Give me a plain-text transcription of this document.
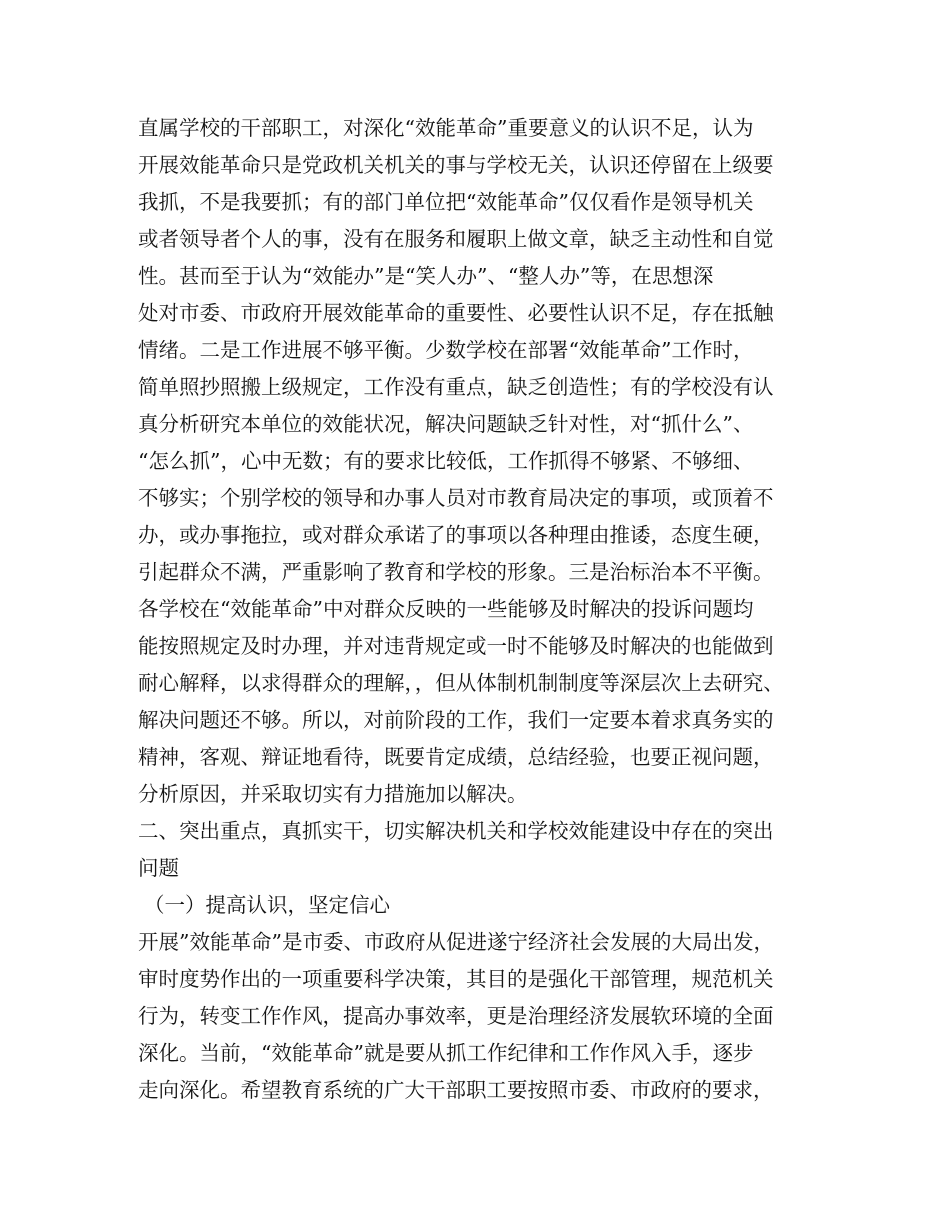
直属学校的干部职工，对深化“效能革命”重要意义的认识不足，认为
开展效能革命只是党政机关机关的事与学校无关，认识还停留在上级要
我抓，不是我要抓；有的部门单位把“效能革命”仅仅看作是领导机关
或者领导者个人的事，没有在服务和履职上做文章，缺乏主动性和自觉
性。甚而至于认为“效能办”是“笑人办”、“整人办”等，在思想深
处对市委、市政府开展效能革命的重要性、必要性认识不足，存在抵触
情绪。二是工作进展不够平衡。少数学校在部署“效能革命”工作时，
简单照抄照搬上级规定，工作没有重点，缺乏创造性；有的学校没有认
真分析研究本单位的效能状况，解决问题缺乏针对性，对“抓什么”、
“怎么抓”，心中无数；有的要求比较低，工作抓得不够紧、不够细、
不够实；个别学校的领导和办事人员对市教育局决定的事项，或顶着不
办，或办事拖拉，或对群众承诺了的事项以各种理由推诿，态度生硬，
引起群众不满，严重影响了教育和学校的形象。三是治标治本不平衡。
各学校在“效能革命”中对群众反映的一些能够及时解决的投诉问题均
能按照规定及时办理，并对违背规定或一时不能够及时解决的也能做到
耐心解释，以求得群众的理解，，但从体制机制制度等深层次上去研究、
解决问题还不够。所以，对前阶段的工作，我们一定要本着求真务实的
精神，客观、辩证地看待，既要肯定成绩，总结经验，也要正视问题，
分析原因，并采取切实有力措施加以解决。
二、突出重点，真抓实干，切实解决机关和学校效能建设中存在的突出
问题
（一）提高认识，坚定信心
开展”效能革命”是市委、市政府从促进遂宁经济社会发展的大局出发，
审时度势作出的一项重要科学决策，其目的是强化干部管理，规范机关
行为，转变工作作风，提高办事效率，更是治理经济发展软环境的全面
深化。当前，“效能革命”就是要从抓工作纪律和工作作风入手，逐步
走向深化。希望教育系统的广大干部职工要按照市委、市政府的要求，
